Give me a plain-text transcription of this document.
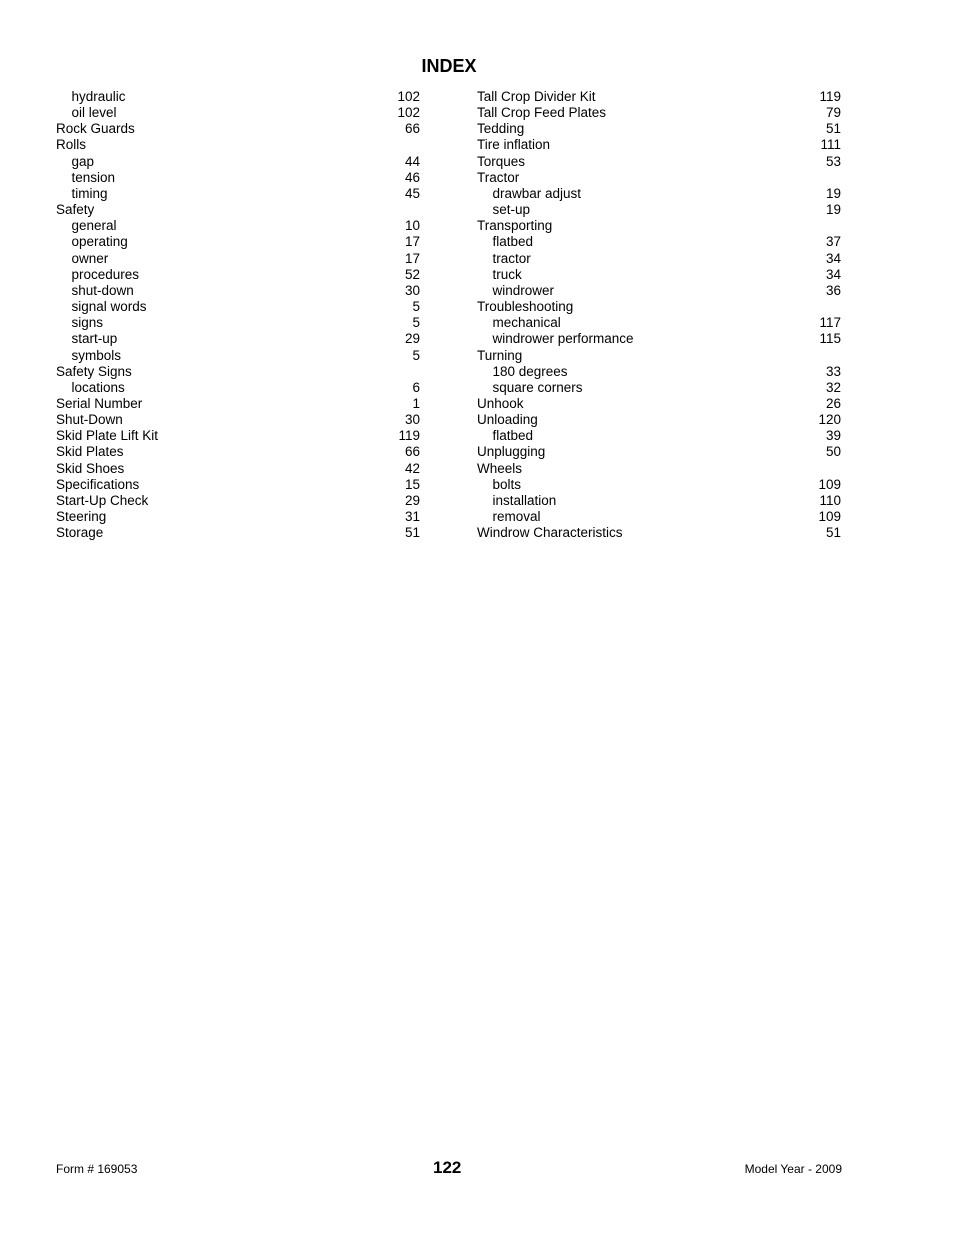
INDEX
hydraulic	102
oil level	102
Rock Guards	66
Rolls
gap	44
tension	46
timing	45
Safety
general	10
operating	17
owner	17
procedures	52
shut-down	30
signal words	5
signs	5
start-up	29
symbols	5
Safety Signs
locations	6
Serial Number	1
Shut-Down	30
Skid Plate Lift Kit	119
Skid Plates	66
Skid Shoes	42
Specifications	15
Start-Up Check	29
Steering	31
Storage	51
Tall Crop Divider Kit	119
Tall Crop Feed Plates	79
Tedding	51
Tire inflation	111
Torques	53
Tractor
drawbar adjust	19
set-up	19
Transporting
flatbed	37
tractor	34
truck	34
windrower	36
Troubleshooting
mechanical	117
windrower performance	115
Turning
180 degrees	33
square corners	32
Unhook	26
Unloading	120
flatbed	39
Unplugging	50
Wheels
bolts	109
installation	110
removal	109
Windrow Characteristics	51
Form # 169053	122	Model Year - 2009
